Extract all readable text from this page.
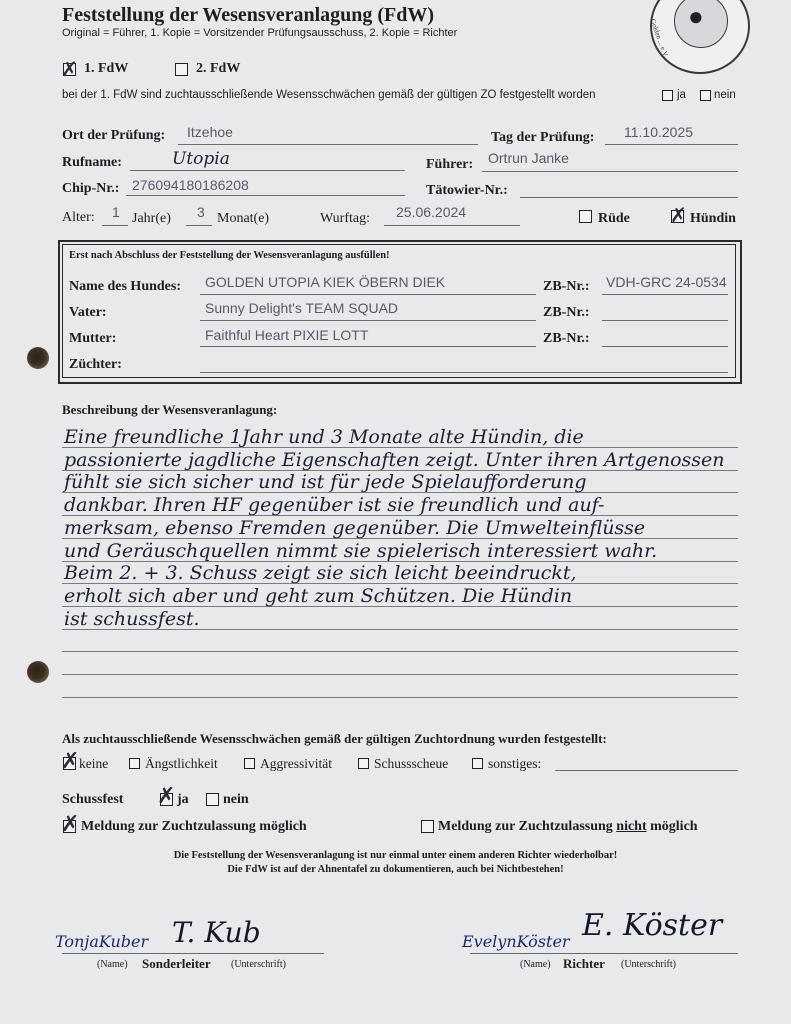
●
Golden ... e.V.
Feststellung der Wesensveranlagung (FdW)
Original = Führer, 1. Kopie = Vorsitzender Prüfungsausschuss, 2. Kopie = Richter
✗ 1. FdW	2. FdW
bei der 1. FdW sind zuchtausschließende Wesensschwächen gemäß der gültigen ZO festgestellt worden	ja nein
Ort der Prüfung: Itzehoe	Tag der Prüfung: 11.10.2025
Rufname:	Utopia	Führer: Ortrun Janke
Chip-Nr.: 276094180186208	Tätowier-Nr.:
Alter: 1 Jahr(e) 3 Monat(e)	Wurftag: 25.06.2024	Rüde ✗ Hündin
Erst nach Abschluss der Feststellung der Wesensveranlagung ausfüllen!
Name des Hundes: GOLDEN UTOPIA KIEK ÖBERN DIEK	ZB-Nr.: VDH-GRC 24-0534
Vater:	Sunny Delight's TEAM SQUAD	ZB-Nr.:
Mutter:	Faithful Heart PIXIE LOTT	ZB-Nr.:
Züchter:
Beschreibung der Wesensveranlagung:
Eine freundliche 1Jahr und 3 Monate alte Hündin, die
passionierte jagdliche Eigenschaften zeigt. Unter ihren Artgenossen
fühlt sie sich sicher und ist für jede Spielaufforderung
dankbar. Ihren HF gegenüber ist sie freundlich und auf-
merksam, ebenso Fremden gegenüber. Die Umwelteinflüsse
und Geräuschquellen nimmt sie spielerisch interessiert wahr.
Beim 2. + 3. Schuss zeigt sie sich leicht beeindruckt,
erholt sich aber und geht zum Schützen. Die Hündin
ist schussfest.
Als zuchtausschließende Wesensschwächen gemäß der gültigen Zuchtordnung wurden festgestellt:
✗ keine	Ängstlichkeit	Aggressivität	Schussscheue	sonstiges:
Schussfest ✗ ja nein
✗ Meldung zur Zuchtzulassung möglich	Meldung zur Zuchtzulassung nicht möglich
Die Feststellung der Wesensveranlagung ist nur einmal unter einem anderen Richter wiederholbar!
Die FdW ist auf der Ahnentafel zu dokumentieren, auch bei Nichtbestehen!
TonjaKuber T. Kub
(Name) Sonderleiter (Unterschrift)
EvelynKöster E. Köster
(Name) Richter (Unterschrift)
